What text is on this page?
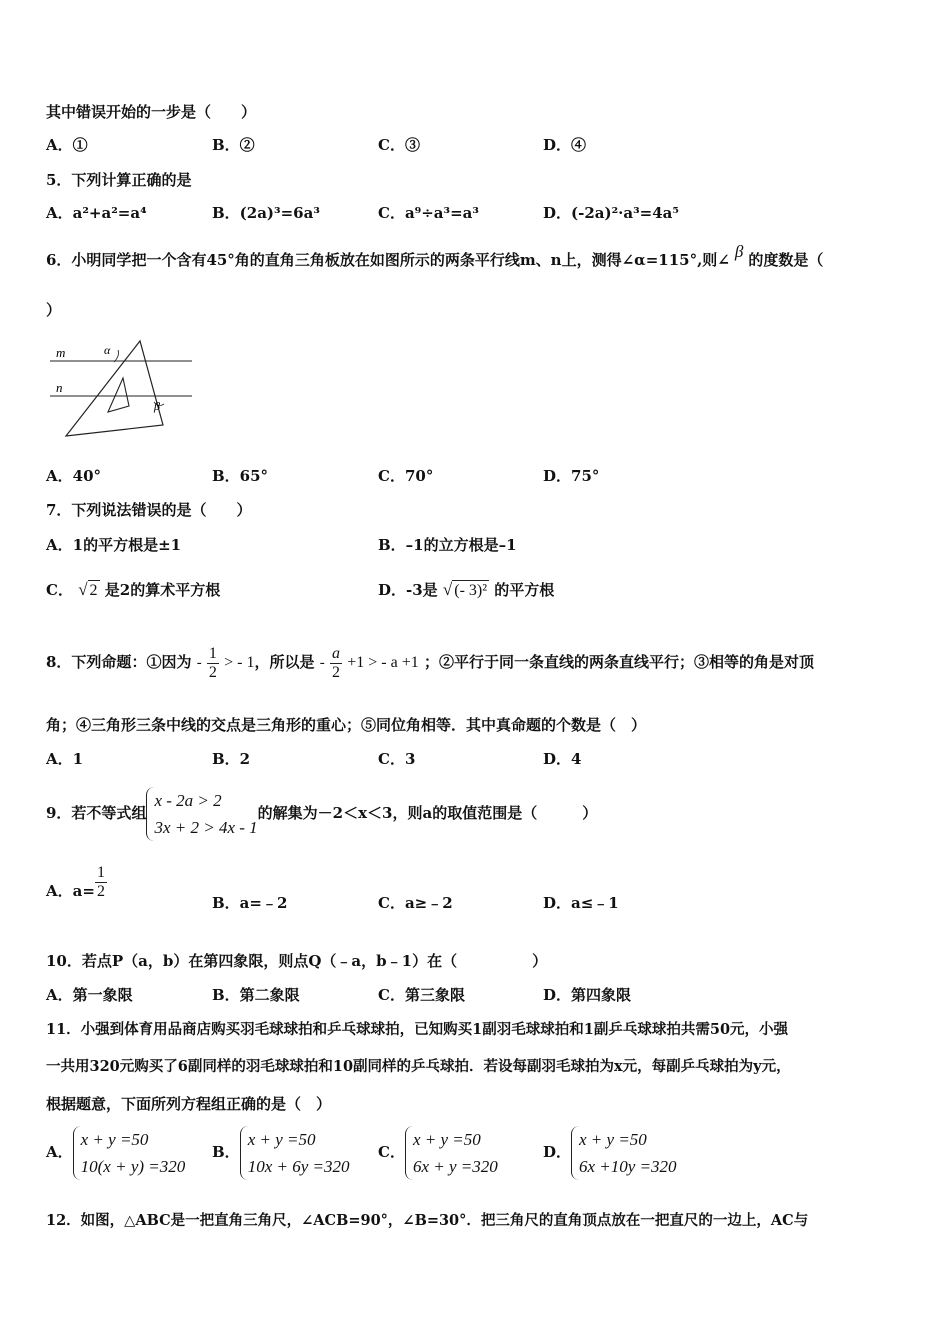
其中错误开始的一步是（　　）
A．①	B．②	C．③	D．④
5．下列计算正确的是
A．a²+a²=a⁴	B．(2a)³=6a³	C．a⁹÷a³=a³	D．(-2a)²·a³=4a⁵
6．小明同学把一个含有45°角的直角三角板放在如图所示的两条平行线m、n上，测得∠α=115°,则∠ β 的度数是（
）
m
n
α
β
A．40°	B．65°	C．70°	D．75°
7．下列说法错误的是（　　）
A．1的平方根是±1	B．–1的立方根是–1
C． √ 2 是2的算术平方根	D．-3是 √ (- 3)² 的平方根
8．下列命题：①因为 - $\frac{1}{2}$ > - 1，所以是 - $\frac{a}{2} +1$ > - a +1 ；②平行于同一条直线的两条直线平行；③相等的角是对顶
角；④三角形三条中线的交点是三角形的重心；⑤同位角相等．其中真命题的个数是（　）
A．1	B．2	C．3	D．4
9．若不等式组
x - 2a > 2
3x + 2 > 4x - 1
的解集为－2＜x＜3，则a的取值范围是（　　　）
A．$a= \frac{1}{2}$
B．a=﹣2	C．a≥﹣2	D．a≤﹣1
10．若点P（a，b）在第四象限，则点Q（﹣a，b﹣1）在（　　　　　）
A．第一象限	B．第二象限	C．第三象限	D．第四象限
11．小强到体育用品商店购买羽毛球球拍和乒乓球球拍，已知购买1副羽毛球球拍和1副乒乓球球拍共需50元，小强
一共用320元购买了6副同样的羽毛球球拍和10副同样的乒乓球拍．若设每副羽毛球拍为x元，每副乒乓球拍为y元，
根据题意，下面所列方程组正确的是（　）
A．
x + y =50
10(x + y) =320
B．
x + y =50
10x + 6y =320
C．
x + y =50
6x + y =320
D．
x + y =50
6x +10y =320
12．如图，△ABC是一把直角三角尺，∠ACB=90°，∠B=30°．把三角尺的直角顶点放在一把直尺的一边上，AC与
